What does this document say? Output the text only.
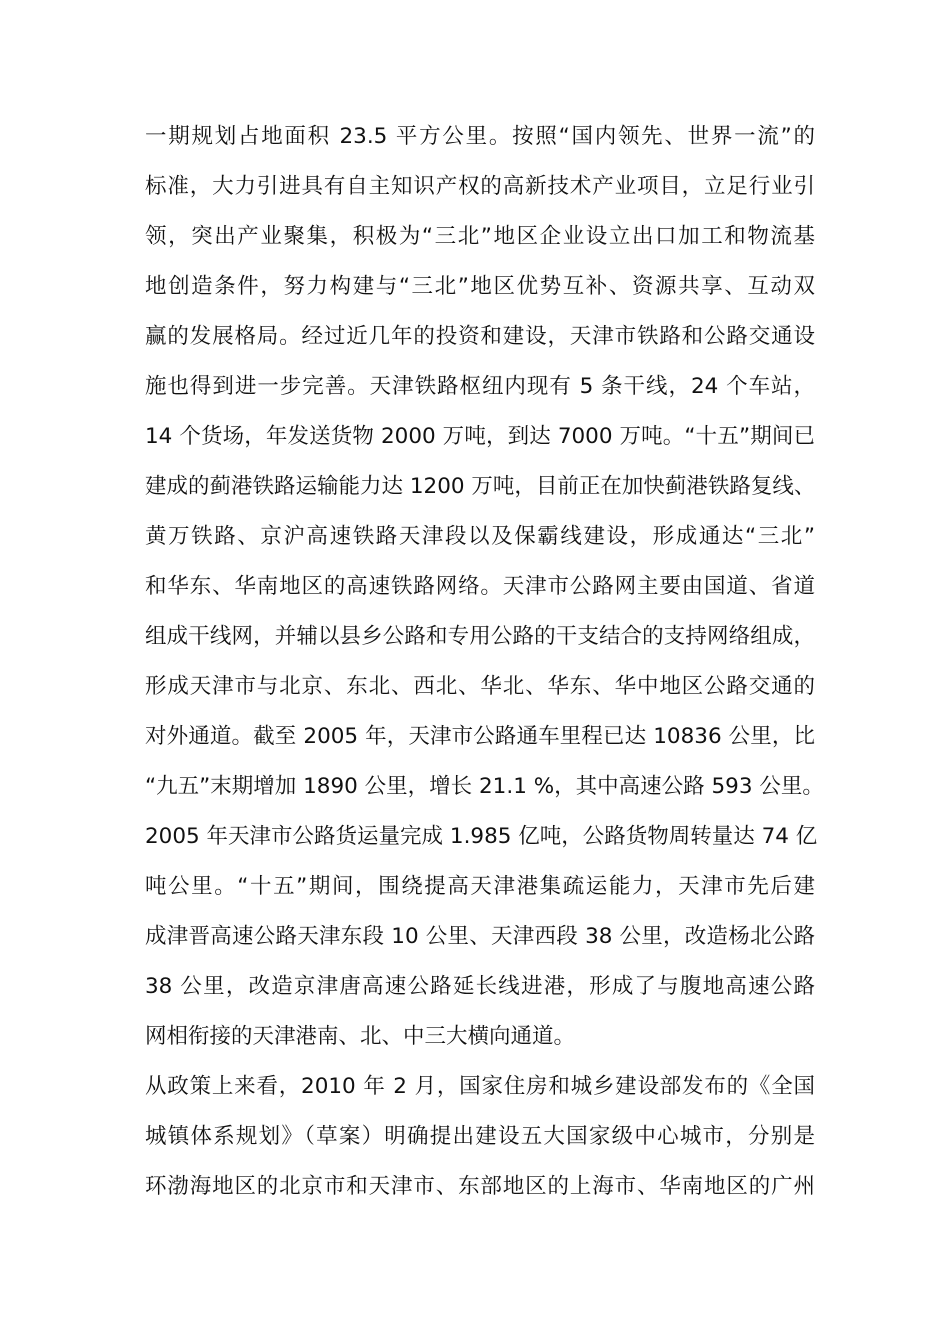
一期规划占地面积 23.5 平方公里。按照“国内领先、世界一流”的
标准，大力引进具有自主知识产权的高新技术产业项目，立足行业引
领，突出产业聚集，积极为“三北”地区企业设立出口加工和物流基
地创造条件，努力构建与“三北”地区优势互补、资源共享、互动双
赢的发展格局。经过近几年的投资和建设，天津市铁路和公路交通设
施也得到进一步完善。天津铁路枢纽内现有 5 条干线，24 个车站，
14 个货场，年发送货物 2000 万吨，到达 7000 万吨。“十五”期间已
建成的蓟港铁路运输能力达 1200 万吨，目前正在加快蓟港铁路复线、
黄万铁路、京沪高速铁路天津段以及保霸线建设，形成通达“三北”
和华东、华南地区的高速铁路网络。天津市公路网主要由国道、省道
组成干线网，并辅以县乡公路和专用公路的干支结合的支持网络组成，
形成天津市与北京、东北、西北、华北、华东、华中地区公路交通的
对外通道。截至 2005 年，天津市公路通车里程已达 10836 公里，比
“九五”末期增加 1890 公里，增长 21.1 %，其中高速公路 593 公里。
2005 年天津市公路货运量完成 1.985 亿吨，公路货物周转量达 74 亿
吨公里。“十五”期间，围绕提高天津港集疏运能力，天津市先后建
成津晋高速公路天津东段 10 公里、天津西段 38 公里，改造杨北公路
38 公里，改造京津唐高速公路延长线进港，形成了与腹地高速公路
网相衔接的天津港南、北、中三大横向通道。
从政策上来看，2010 年 2 月，国家住房和城乡建设部发布的《全国
城镇体系规划》（草案）明确提出建设五大国家级中心城市，分别是
环渤海地区的北京市和天津市、东部地区的上海市、华南地区的广州
